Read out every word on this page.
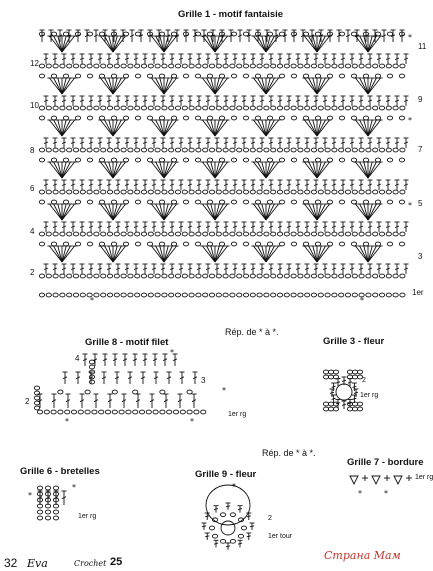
Grille 1 - motif fantaisie
12
10
8
6
4
2
11
9
7
5
3
1er
*	*
*
*
*
*	*
*
*
*
*	*
*	*
Rép. de * à *.
Grille 8 - motif filet
4
2
3
1er rg
Grille 3 - fleur
2
1er rg
Rép. de * à *.
Grille 6 - bretelles
1er rg
Grille 9 - fleur
2
1er tour
Grille 7 - bordure
1er rg
32 Eva	Crochet 25	Страна Мам
